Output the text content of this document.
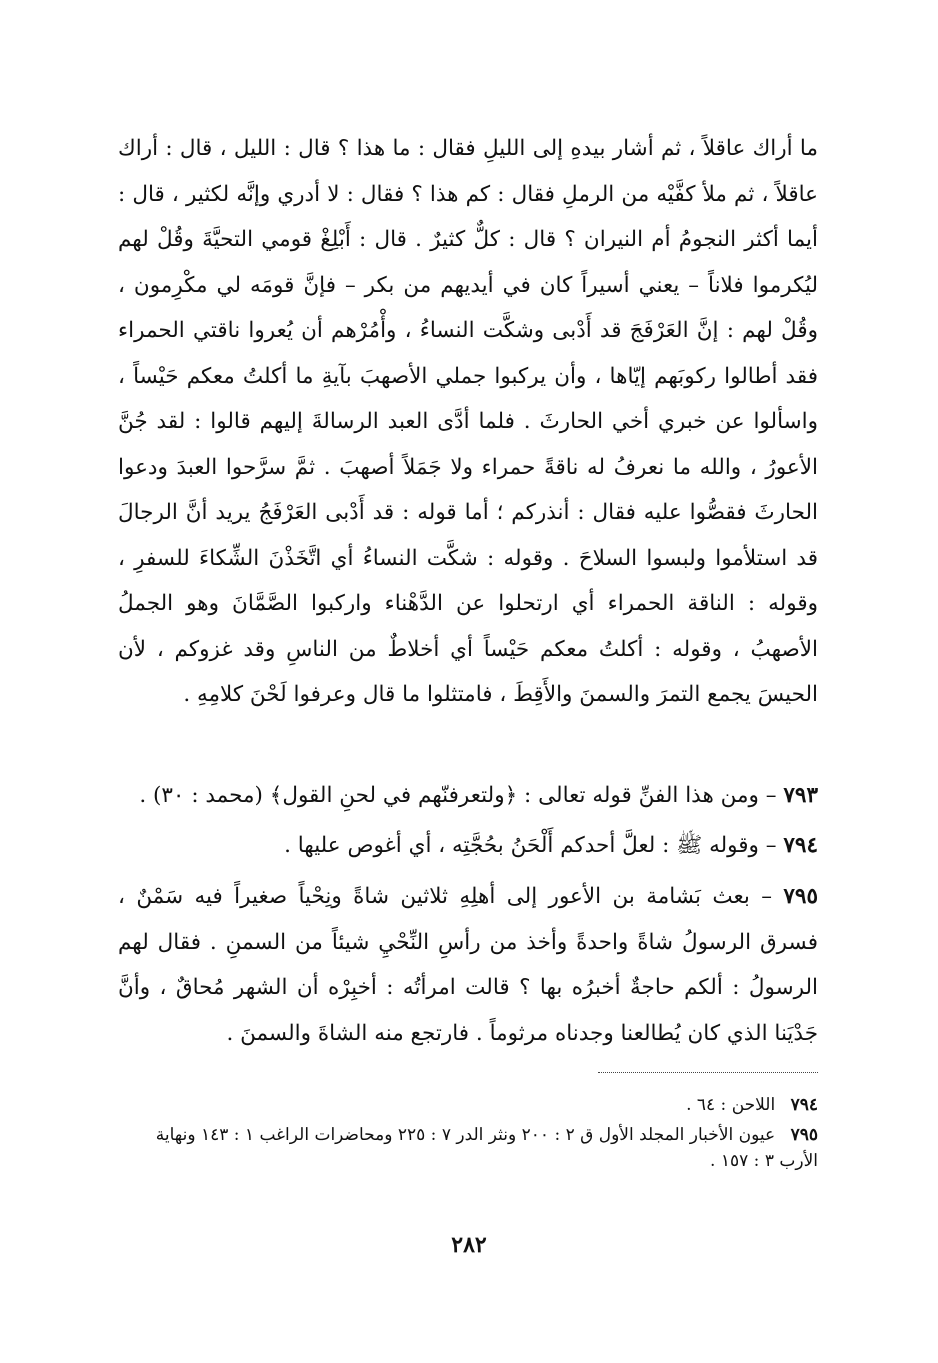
ما أراك عاقلاً ، ثم أشار بيدهِ إلى الليلِ فقال : ما هذا ؟ قال : الليل ، قال : أراك عاقلاً ، ثم ملأ كفَّيْه من الرملِ فقال : كم هذا ؟ فقال : لا أدري وإنَّه لكثير ، قال : أيما أكثر النجومُ أم النيران ؟ قال : كلٌّ كثيرٌ . قال : أَبْلِغْ قومي التحيَّةَ وقُلْ لهم ليُكرموا فلاناً – يعني أسيراً كان في أيديهم من بكر – فإنَّ قومَه لي مكْرِمون ، وقُلْ لهم : إنَّ العَرْفَجَ قد أَدْبى وشكَّت النساءُ ، وأْمُرْهم أن يُعروا ناقتي الحمراء فقد أطالوا ركوبَهم إيّاها ، وأن يركبوا جملي الأصهبَ بآيةِ ما أكلتُ معكم حَيْساً ، واسألوا عن خبري أخي الحارثَ . فلما أدَّى العبد الرسالةَ إليهم قالوا : لقد جُنَّ الأعورُ ، والله ما نعرفُ له ناقةً حمراء ولا جَمَلاً أصهبَ . ثمَّ سرَّحوا العبدَ ودعوا الحارثَ فقصُّوا عليه فقال : أنذركم ؛ أما قوله : قد أَدْبى العَرْفَجُ يريد أنَّ الرجالَ قد استلأموا ولبسوا السلاحَ . وقوله : شكَّت النساءُ أي اتَّخَذْنَ الشِّكاءَ للسفرِ ، وقوله : الناقة الحمراء أي ارتحلوا عن الدَّهْناء واركبوا الصَّمَّانَ وهو الجملُ الأصهبُ ، وقوله : أكلتُ معكم حَيْساً أي أخلاطٌ من الناسِ وقد غزوكم ، لأن الحيسَ يجمع التمرَ والسمنَ والأَقِطَ ، فامتثلوا ما قال وعرفوا لَحْنَ كلامِهِ .

٧٩٣ – ومن هذا الفنِّ قوله تعالى : ﴿ولتعرفنّهم في لحنِ القول﴾ (محمد : ٣٠) .

٧٩٤ – وقوله ﷺ : لعلَّ أحدكم أَلْحَنُ بحُجَّتِه ، أي أغوص عليها .

٧٩٥ – بعث بَشامة بن الأعور إلى أهلِهِ ثلاثين شاةً ونِحْياً صغيراً فيه سَمْنٌ ، فسرق الرسولُ شاةً واحدةً وأخذ من رأسِ النِّحْيِ شيئاً من السمنِ . فقال لهم الرسولُ : ألكم حاجةٌ أخبرُه بها ؟ قالت امرأتُه : أخبِرْه أن الشهر مُحاقٌ ، وأنَّ جَدْيَنا الذي كان يُطالعنا وجدناه مرثوماً . فارتجع منه الشاةَ والسمنَ .

٧٩٤ اللاحن : ٦٤ .

٧٩٥ عيون الأخبار المجلد الأول ق ٢ : ٢٠٠ ونثر الدر ٧ : ٢٢٥ ومحاضرات الراغب ١ : ١٤٣ ونهاية الأرب ٣ : ١٥٧ .

٢٨٢
